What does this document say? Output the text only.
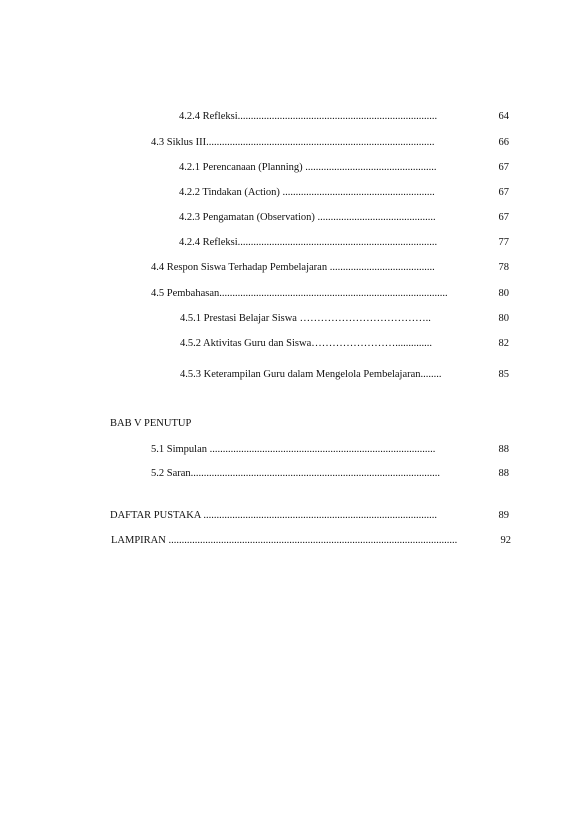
4.2.4 Refleksi............................................................................	64
4.3 Siklus III.......................................................................................	66
4.2.1 Perencanaan (Planning) ..................................................	67
4.2.2 Tindakan (Action) ..........................................................	67
4.2.3 Pengamatan (Observation) .............................................	67
4.2.4 Refleksi............................................................................	77
4.4 Respon Siswa Terhadap Pembelajaran ........................................	78
4.5 Pembahasan.......................................................................................	80
4.5.1 Prestasi Belajar Siswa ………………………………..	80
4.5.2 Aktivitas Guru dan Siswa……………………..............	82
4.5.3 Keterampilan Guru dalam Mengelola Pembelajaran........	85
BAB V PENUTUP
5.1 Simpulan ......................................................................................	88
5.2 Saran...............................................................................................	88
DAFTAR PUSTAKA .........................................................................................	89
LAMPIRAN ..............................................................................................................	92
